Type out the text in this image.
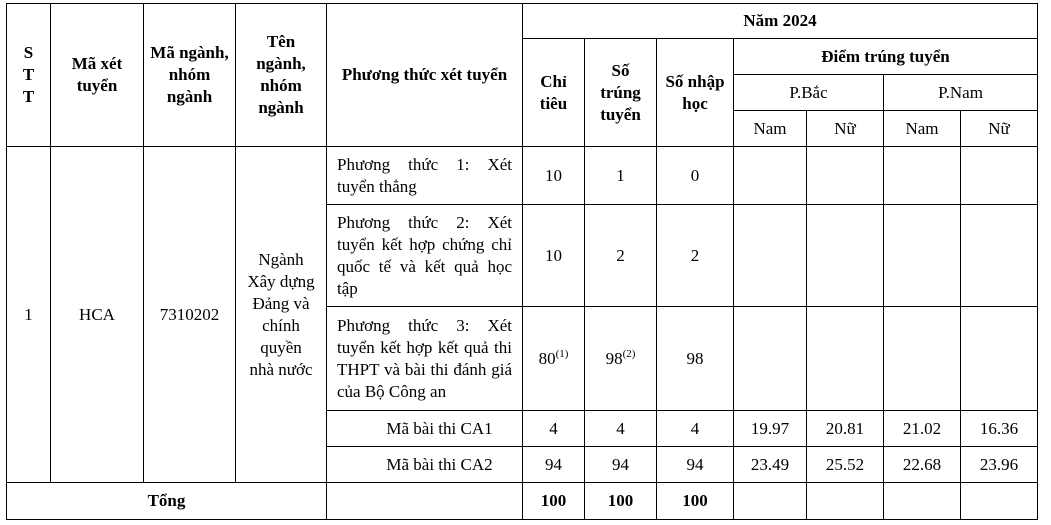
S T T	Mã xét tuyển	Mã ngành, nhóm ngành	Tên ngành, nhóm ngành	Phương thức xét tuyển	Năm 2024						
					Chỉ tiêu	Số trúng tuyển	Số nhập học	Điểm trúng tuyển			
								P.Bắc		P.Nam	
								Nam	Nữ	Nam	Nữ
1	HCA	7310202	Ngành Xây dựng Đảng và chính quyền nhà nước	Phương thức 1: Xét tuyển thẳng	10	1	0				
				Phương thức 2: Xét tuyển kết hợp chứng chỉ quốc tế và kết quả học tập	10	2	2				
				Phương thức 3: Xét tuyển kết hợp kết quả thi THPT và bài thi đánh giá của Bộ Công an	80$^{(1)}$	98$^{(2)}$	98				
				Mã bài thi CA1	4	4	4	19.97	20.81	21.02	16.36
				Mã bài thi CA2	94	94	94	23.49	25.52	22.68	23.96
Tổng					100	100	100				
